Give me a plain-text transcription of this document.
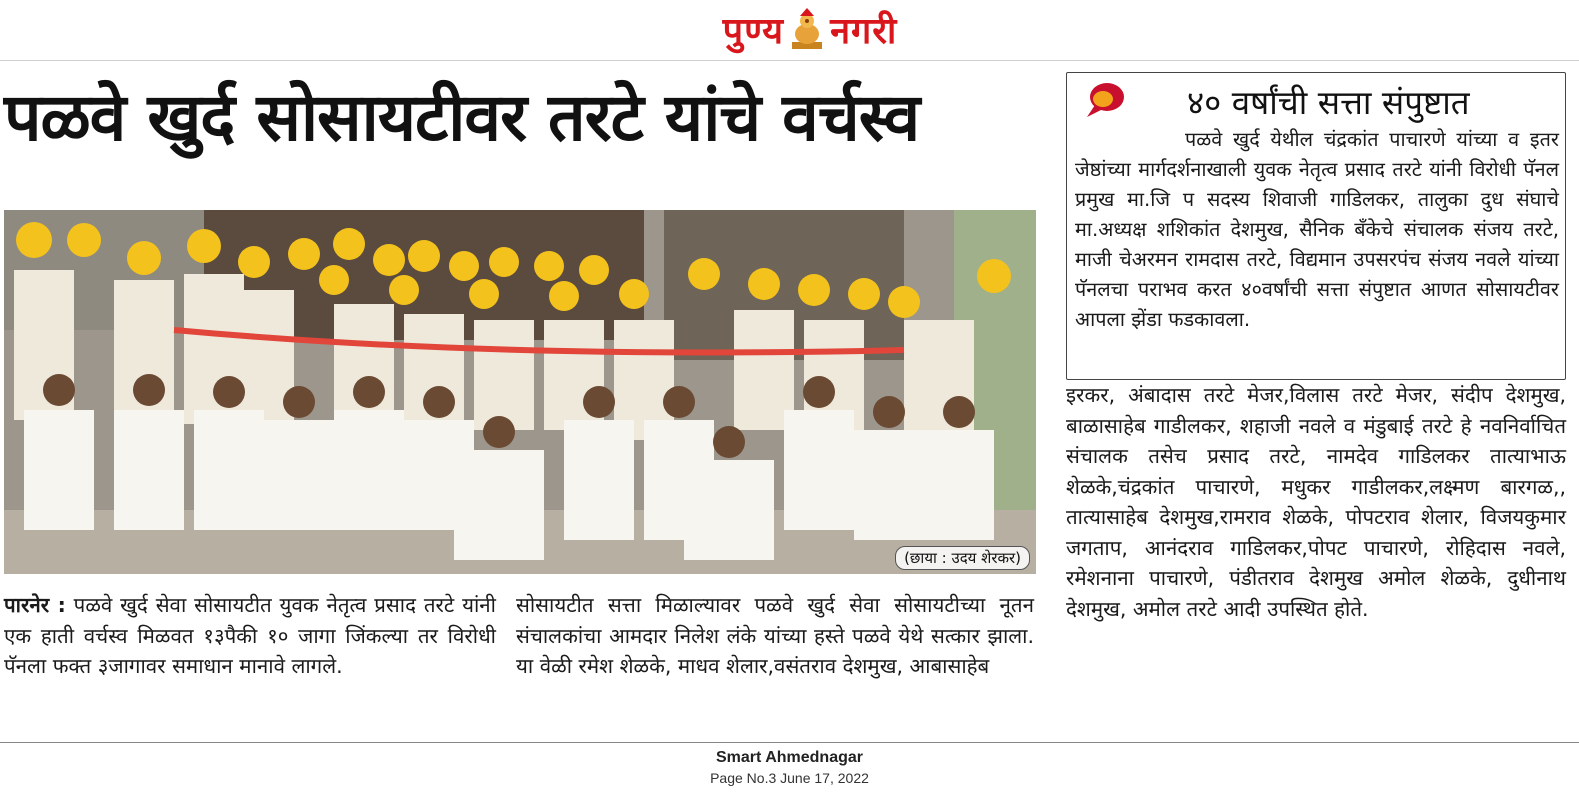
पुण्य नगरी
पळवे खुर्द सोसायटीवर तरटे यांचे वर्चस्व
(छाया : उदय शेरकर)
पारनेर : पळवे खुर्द सेवा सोसायटीत युवक नेतृत्व प्रसाद तरटे यांनी एक हाती वर्चस्व मिळवत १३पैकी १० जागा जिंकल्या तर विरोधी पॅनला फक्त ३जागावर समाधान मानावे लागले.
सोसायटीत सत्ता मिळाल्यावर पळवे खुर्द सेवा सोसायटीच्या नूतन संचालकांचा आमदार निलेश लंके यांच्या हस्ते पळवे येथे सत्कार झाला. या वेळी रमेश शेळके, माधव शेलार,वसंतराव देशमुख, आबासाहेब
४० वर्षांची सत्ता संपुष्टात
पळवे खुर्द येथील चंद्रकांत पाचारणे यांच्या व इतर जेष्ठांच्या मार्गदर्शनाखाली युवक नेतृत्व प्रसाद तरटे यांनी विरोधी पॅनल प्रमुख मा.जि प सदस्य शिवाजी गाडिलकर, तालुका दुध संघाचे मा.अध्यक्ष शशिकांत देशमुख, सैनिक बँकेचे संचालक संजय तरटे, माजी चेअरमन रामदास तरटे, विद्यमान उपसरपंच संजय नवले यांच्या पॅनलचा पराभव करत ४०वर्षांची सत्ता संपुष्टात आणत सोसायटीवर आपला झेंडा फडकावला.
इरकर, अंबादास तरटे मेजर,विलास तरटे मेजर, संदीप देशमुख, बाळासाहेब गाडीलकर, शहाजी नवले व मंडुबाई तरटे हे नवनिर्वाचित संचालक तसेच प्रसाद तरटे, नामदेव गाडिलकर तात्याभाऊ शेळके,चंद्रकांत पाचारणे, मधुकर गाडीलकर,लक्ष्मण बारगळ,, तात्यासाहेब देशमुख,रामराव शेळके, पोपटराव शेलार, विजयकुमार जगताप, आनंदराव गाडिलकर,पोपट पाचारणे, रोहिदास नवले, रमेशनाना पाचारणे, पंडीतराव देशमुख अमोल शेळके, दुधीनाथ देशमुख, अमोल तरटे आदी उपस्थित होते.
Smart Ahmednagar
Page No.3 June 17, 2022
